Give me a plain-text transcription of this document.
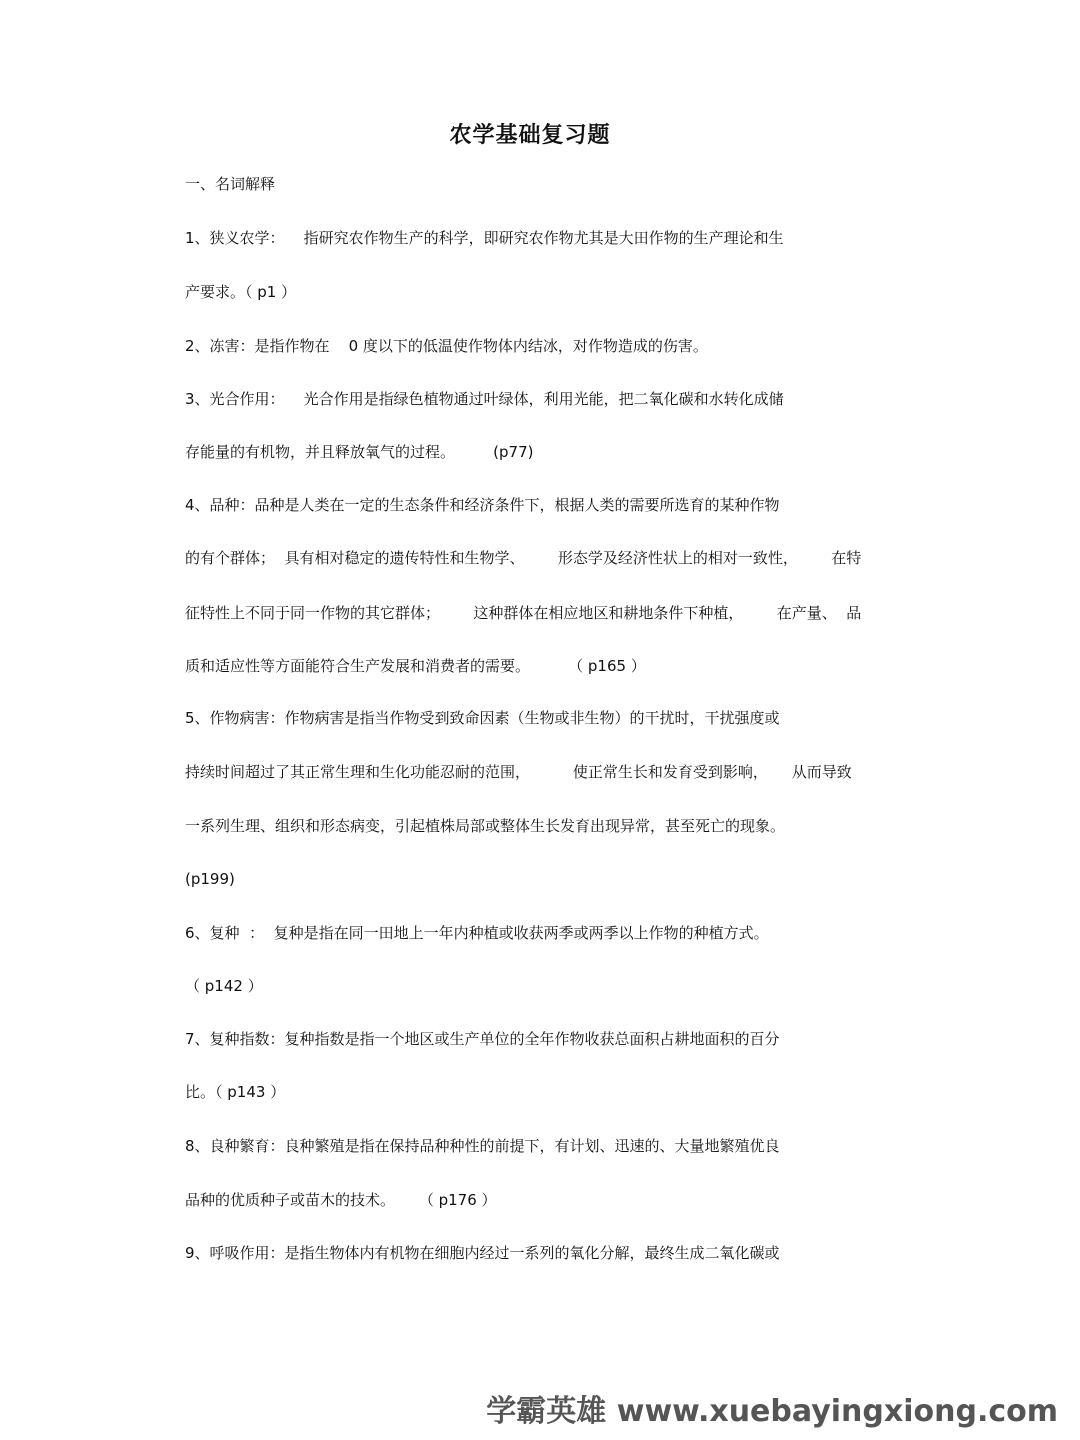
农学基础复习题
一、名词解释
1、狭义农学：    指研究农作物生产的科学，即研究农作物尤其是大田作物的生产理论和生
产要求。（ p1 ）
2、冻害：是指作物在    0 度以下的低温使作物体内结冰，对作物造成的伤害。
3、光合作用：    光合作用是指绿色植物通过叶绿体，利用光能，把二氧化碳和水转化成储
存能量的有机物，并且释放氧气的过程。        (p77)
4、品种：品种是人类在一定的生态条件和经济条件下，根据人类的需要所选育的某种作物
的有个群体；  具有相对稳定的遗传特性和生物学、       形态学及经济性状上的相对一致性，       在特
征特性上不同于同一作物的其它群体；       这种群体在相应地区和耕地条件下种植，       在产量、  品
质和适应性等方面能符合生产发展和消费者的需要。        （ p165 ）
5、作物病害：作物病害是指当作物受到致命因素（生物或非生物）的干扰时，干扰强度或
持续时间超过了其正常生理和生化功能忍耐的范围，         使正常生长和发育受到影响，     从而导致
一系列生理、组织和形态病变，引起植株局部或整体生长发育出现异常，甚至死亡的现象。
(p199)
6、复种  ：  复种是指在同一田地上一年内种植或收获两季或两季以上作物的种植方式。
（ p142 ）
7、复种指数：复种指数是指一个地区或生产单位的全年作物收获总面积占耕地面积的百分
比。（ p143 ）
8、良种繁育：良种繁殖是指在保持品种种性的前提下，有计划、迅速的、大量地繁殖优良
品种的优质种子或苗木的技术。     （ p176 ）
9、呼吸作用：是指生物体内有机物在细胞内经过一系列的氧化分解，最终生成二氧化碳或
学霸英雄 www.xuebayingxiong.com
